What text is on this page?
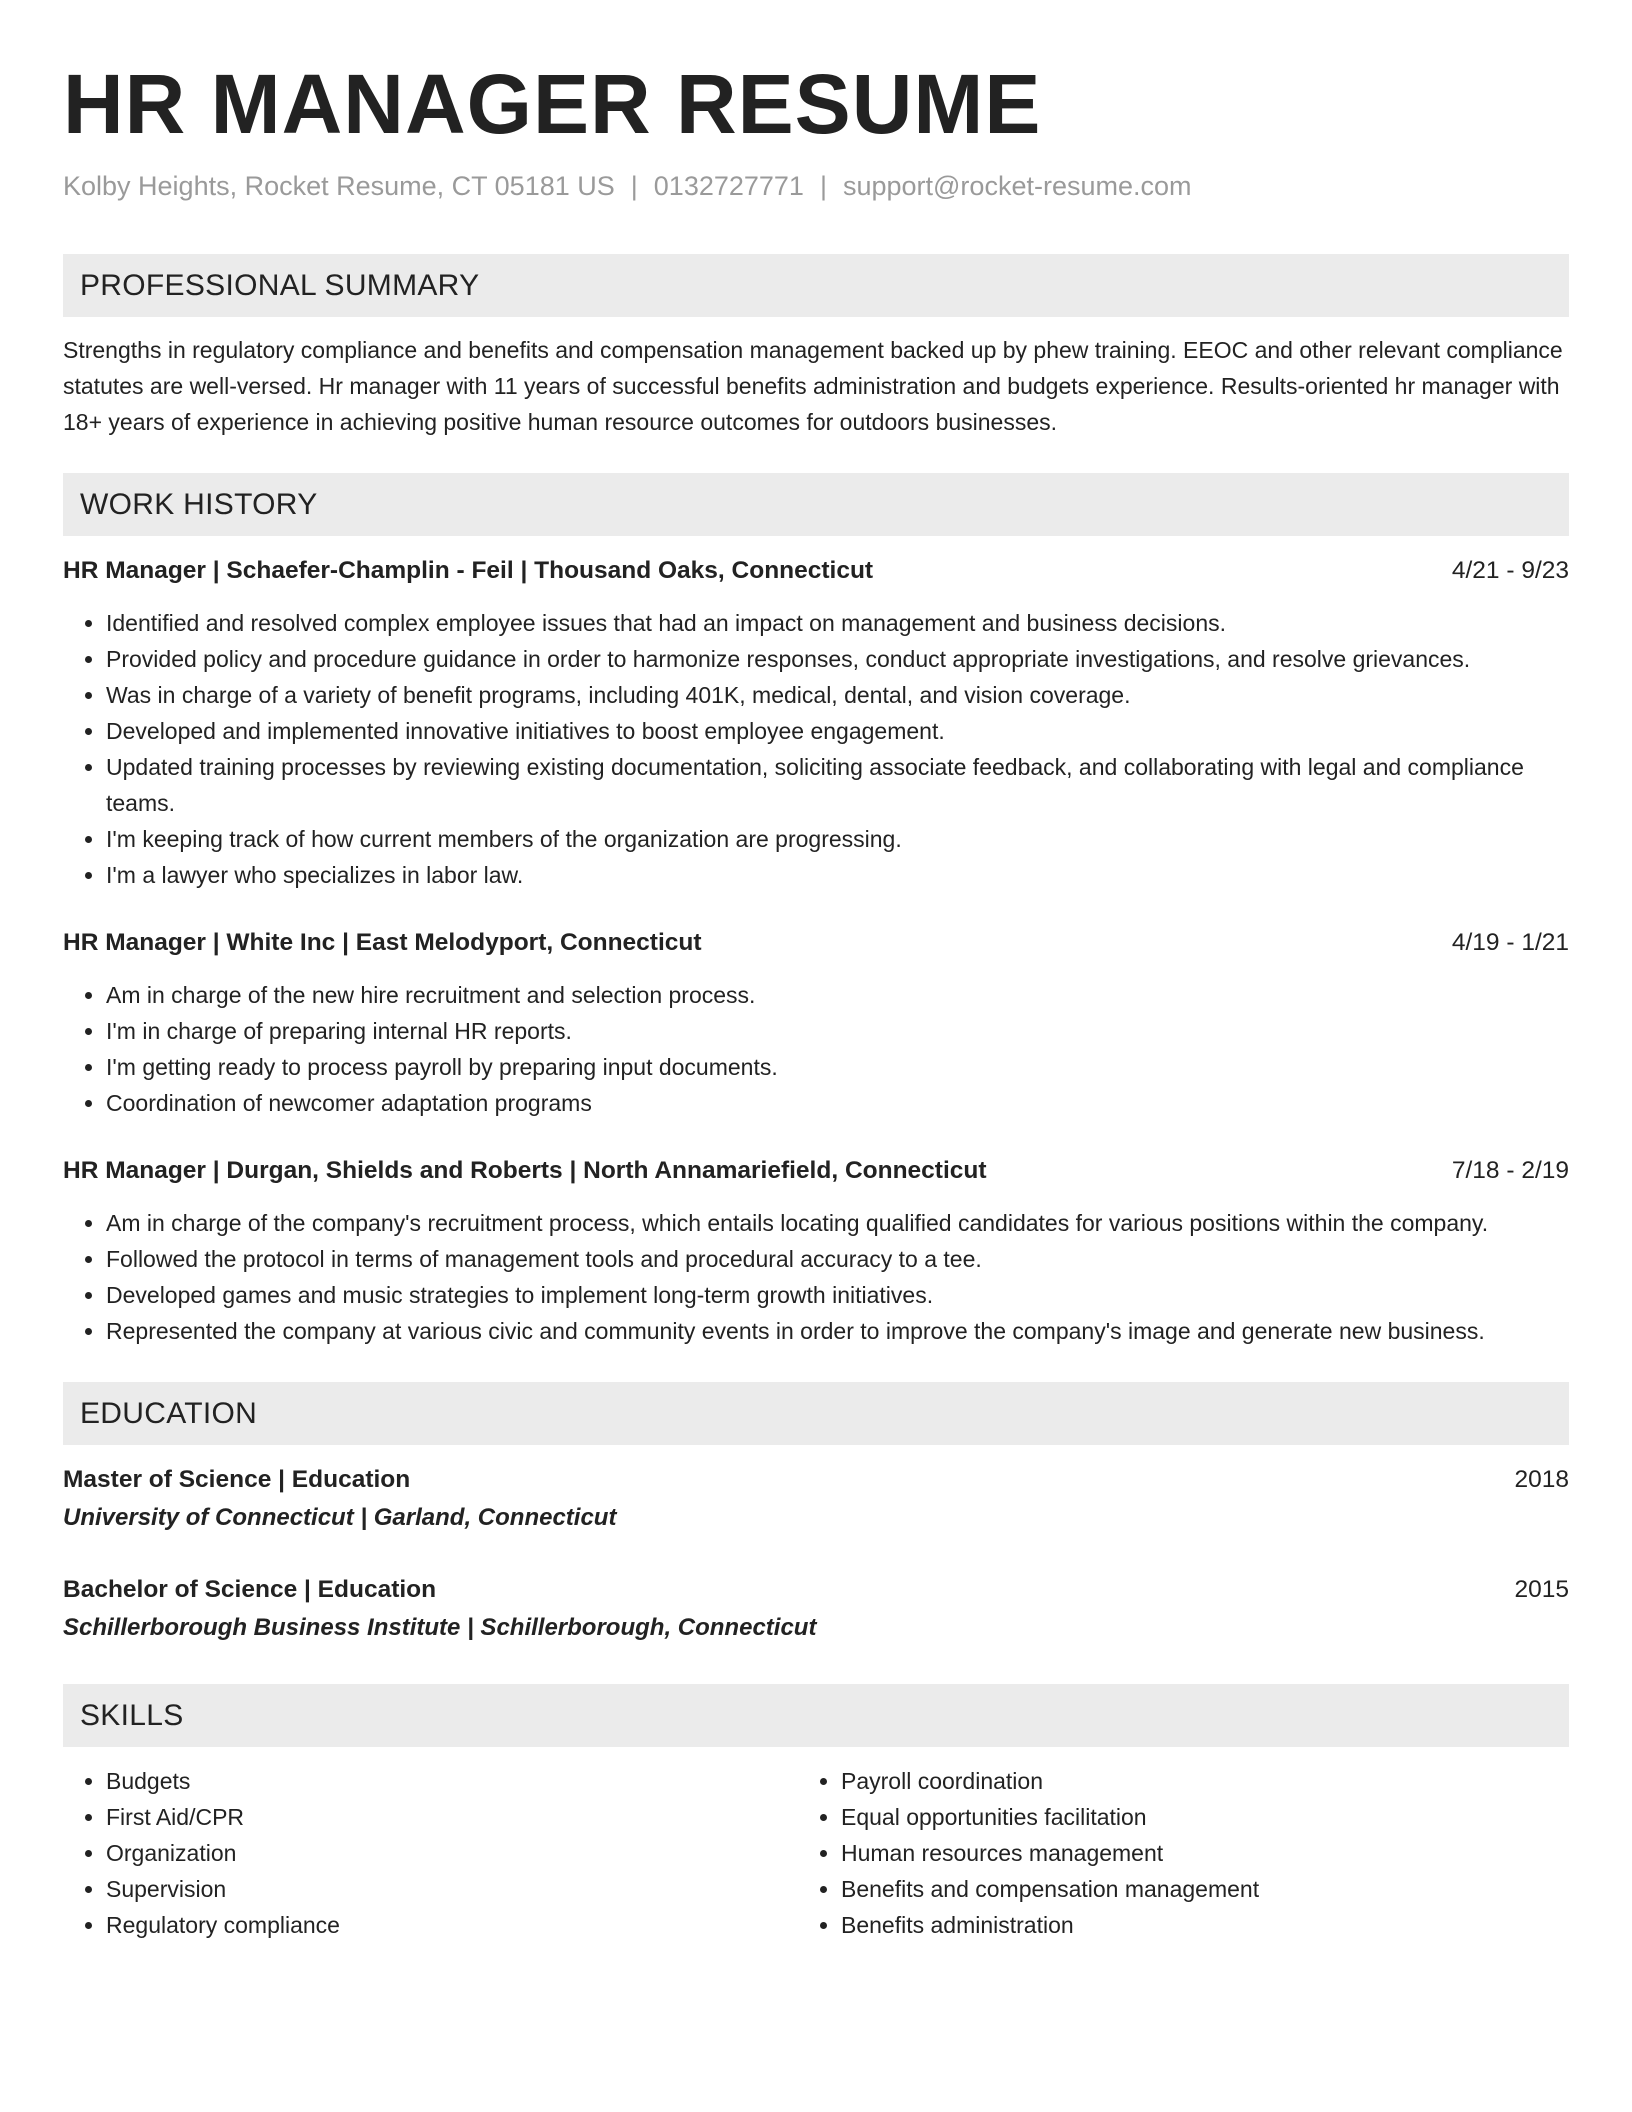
HR MANAGER RESUME
Kolby Heights, Rocket Resume, CT 05181 US | 0132727771 | support@rocket-resume.com
PROFESSIONAL SUMMARY
Strengths in regulatory compliance and benefits and compensation management backed up by phew training. EEOC and other relevant compliance statutes are well-versed. Hr manager with 11 years of successful benefits administration and budgets experience. Results-oriented hr manager with 18+ years of experience in achieving positive human resource outcomes for outdoors businesses.
WORK HISTORY
HR Manager | Schaefer-Champlin - Feil | Thousand Oaks, Connecticut	4/21 - 9/23
• Identified and resolved complex employee issues that had an impact on management and business decisions.
• Provided policy and procedure guidance in order to harmonize responses, conduct appropriate investigations, and resolve grievances.
• Was in charge of a variety of benefit programs, including 401K, medical, dental, and vision coverage.
• Developed and implemented innovative initiatives to boost employee engagement.
• Updated training processes by reviewing existing documentation, soliciting associate feedback, and collaborating with legal and compliance teams.
• I'm keeping track of how current members of the organization are progressing.
• I'm a lawyer who specializes in labor law.
HR Manager | White Inc | East Melodyport, Connecticut	4/19 - 1/21
• Am in charge of the new hire recruitment and selection process.
• I'm in charge of preparing internal HR reports.
• I'm getting ready to process payroll by preparing input documents.
• Coordination of newcomer adaptation programs
HR Manager | Durgan, Shields and Roberts | North Annamariefield, Connecticut	7/18 - 2/19
• Am in charge of the company's recruitment process, which entails locating qualified candidates for various positions within the company.
• Followed the protocol in terms of management tools and procedural accuracy to a tee.
• Developed games and music strategies to implement long-term growth initiatives.
• Represented the company at various civic and community events in order to improve the company's image and generate new business.
EDUCATION
Master of Science | Education	2018
University of Connecticut | Garland, Connecticut
Bachelor of Science | Education	2015
Schillerborough Business Institute | Schillerborough, Connecticut
SKILLS
• Budgets
• First Aid/CPR
• Organization
• Supervision
• Regulatory compliance
• Payroll coordination
• Equal opportunities facilitation
• Human resources management
• Benefits and compensation management
• Benefits administration
